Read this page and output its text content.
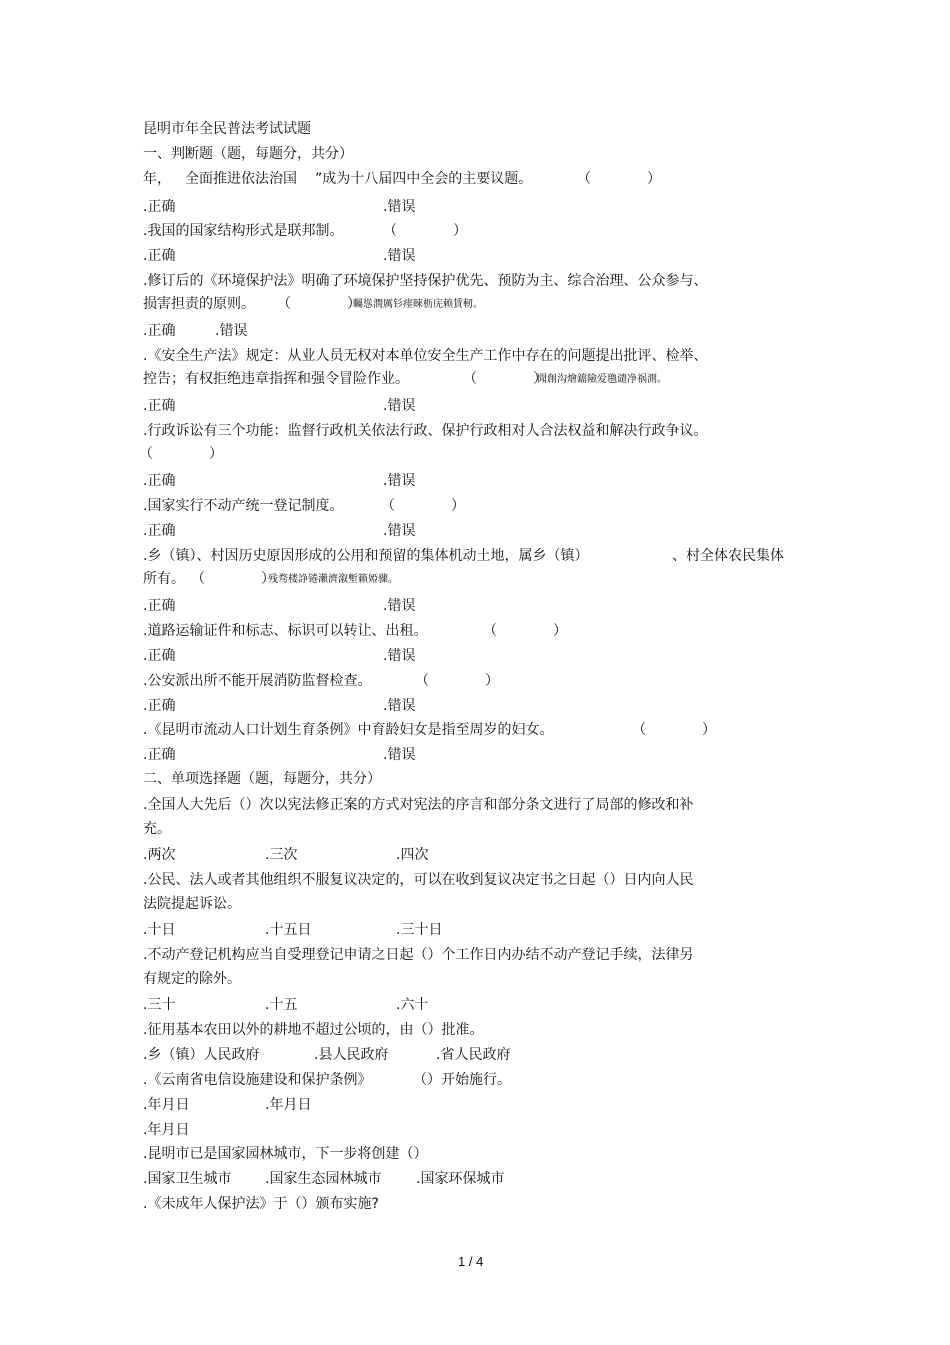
昆明市年全民普法考试试题
一、判断题（题，每题分，共分）
年， 全面推进依法治国 ”成为十八届四中全会的主要议题。	（　　　　）
.正确	.错误
.我国的国家结构形式是联邦制。	（　　　　）
.正确	.错误
.修订后的《环境保护法》明确了环境保护坚持保护优先、预防为主、综合治理、公众参与、
损害担责的原则。 （　　　　）
矚慫潤厲钐瘗睞枥庑赖賃軔。
.正确	.错误
.《安全生产法》规定：从业人员无权对本单位安全生产工作中存在的问题提出批评、检举、
控告；有权拒绝违章指挥和强令冒险作业。	（　　　　）
聞創沟燴鐺險爱氇谴净祸測。
.正确	.错误
.行政诉讼有三个功能：监督行政机关依法行政、保护行政相对人合法权益和解决行政争议。
（　　　　）
.正确	.错误
.国家实行不动产统一登记制度。	（　　　　）
.正确	.错误
.乡（镇）、村因历史原因形成的公用和预留的集体机动土地，属乡（镇）	、村全体农民集体
所有。 （　　　　）
残骛楼諍锩瀨濟溆塹籟婭骤。
.正确	.错误
.道路运输证件和标志、标识可以转让、出租。	（　　　　）
.正确	.错误
.公安派出所不能开展消防监督检查。	（　　　　）
.正确	.错误
.《昆明市流动人口计划生育条例》中育龄妇女是指至周岁的妇女。	（　　　　）
.正确	.错误
二、单项选择题（题，每题分，共分）
.全国人大先后（）次以宪法修正案的方式对宪法的序言和部分条文进行了局部的修改和补
充。
.两次	.三次	.四次
.公民、法人或者其他组织不服复议决定的，可以在收到复议决定书之日起（）日内向人民
法院提起诉讼。
.十日	.十五日	.三十日
.不动产登记机构应当自受理登记申请之日起（）个工作日内办结不动产登记手续，法律另
有规定的除外。
.三十	.十五	.六十
.征用基本农田以外的耕地不超过公顷的，由（）批准。
.乡（镇）人民政府	.县人民政府	.省人民政府
.《云南省电信设施建设和保护条例》	（）开始施行。
.年月日	.年月日
.年月日
.昆明市已是国家园林城市，下一步将创建（）
.国家卫生城市 .国家生态园林城市 .国家环保城市
.《未成年人保护法》于（）颁布实施?
1 / 4
